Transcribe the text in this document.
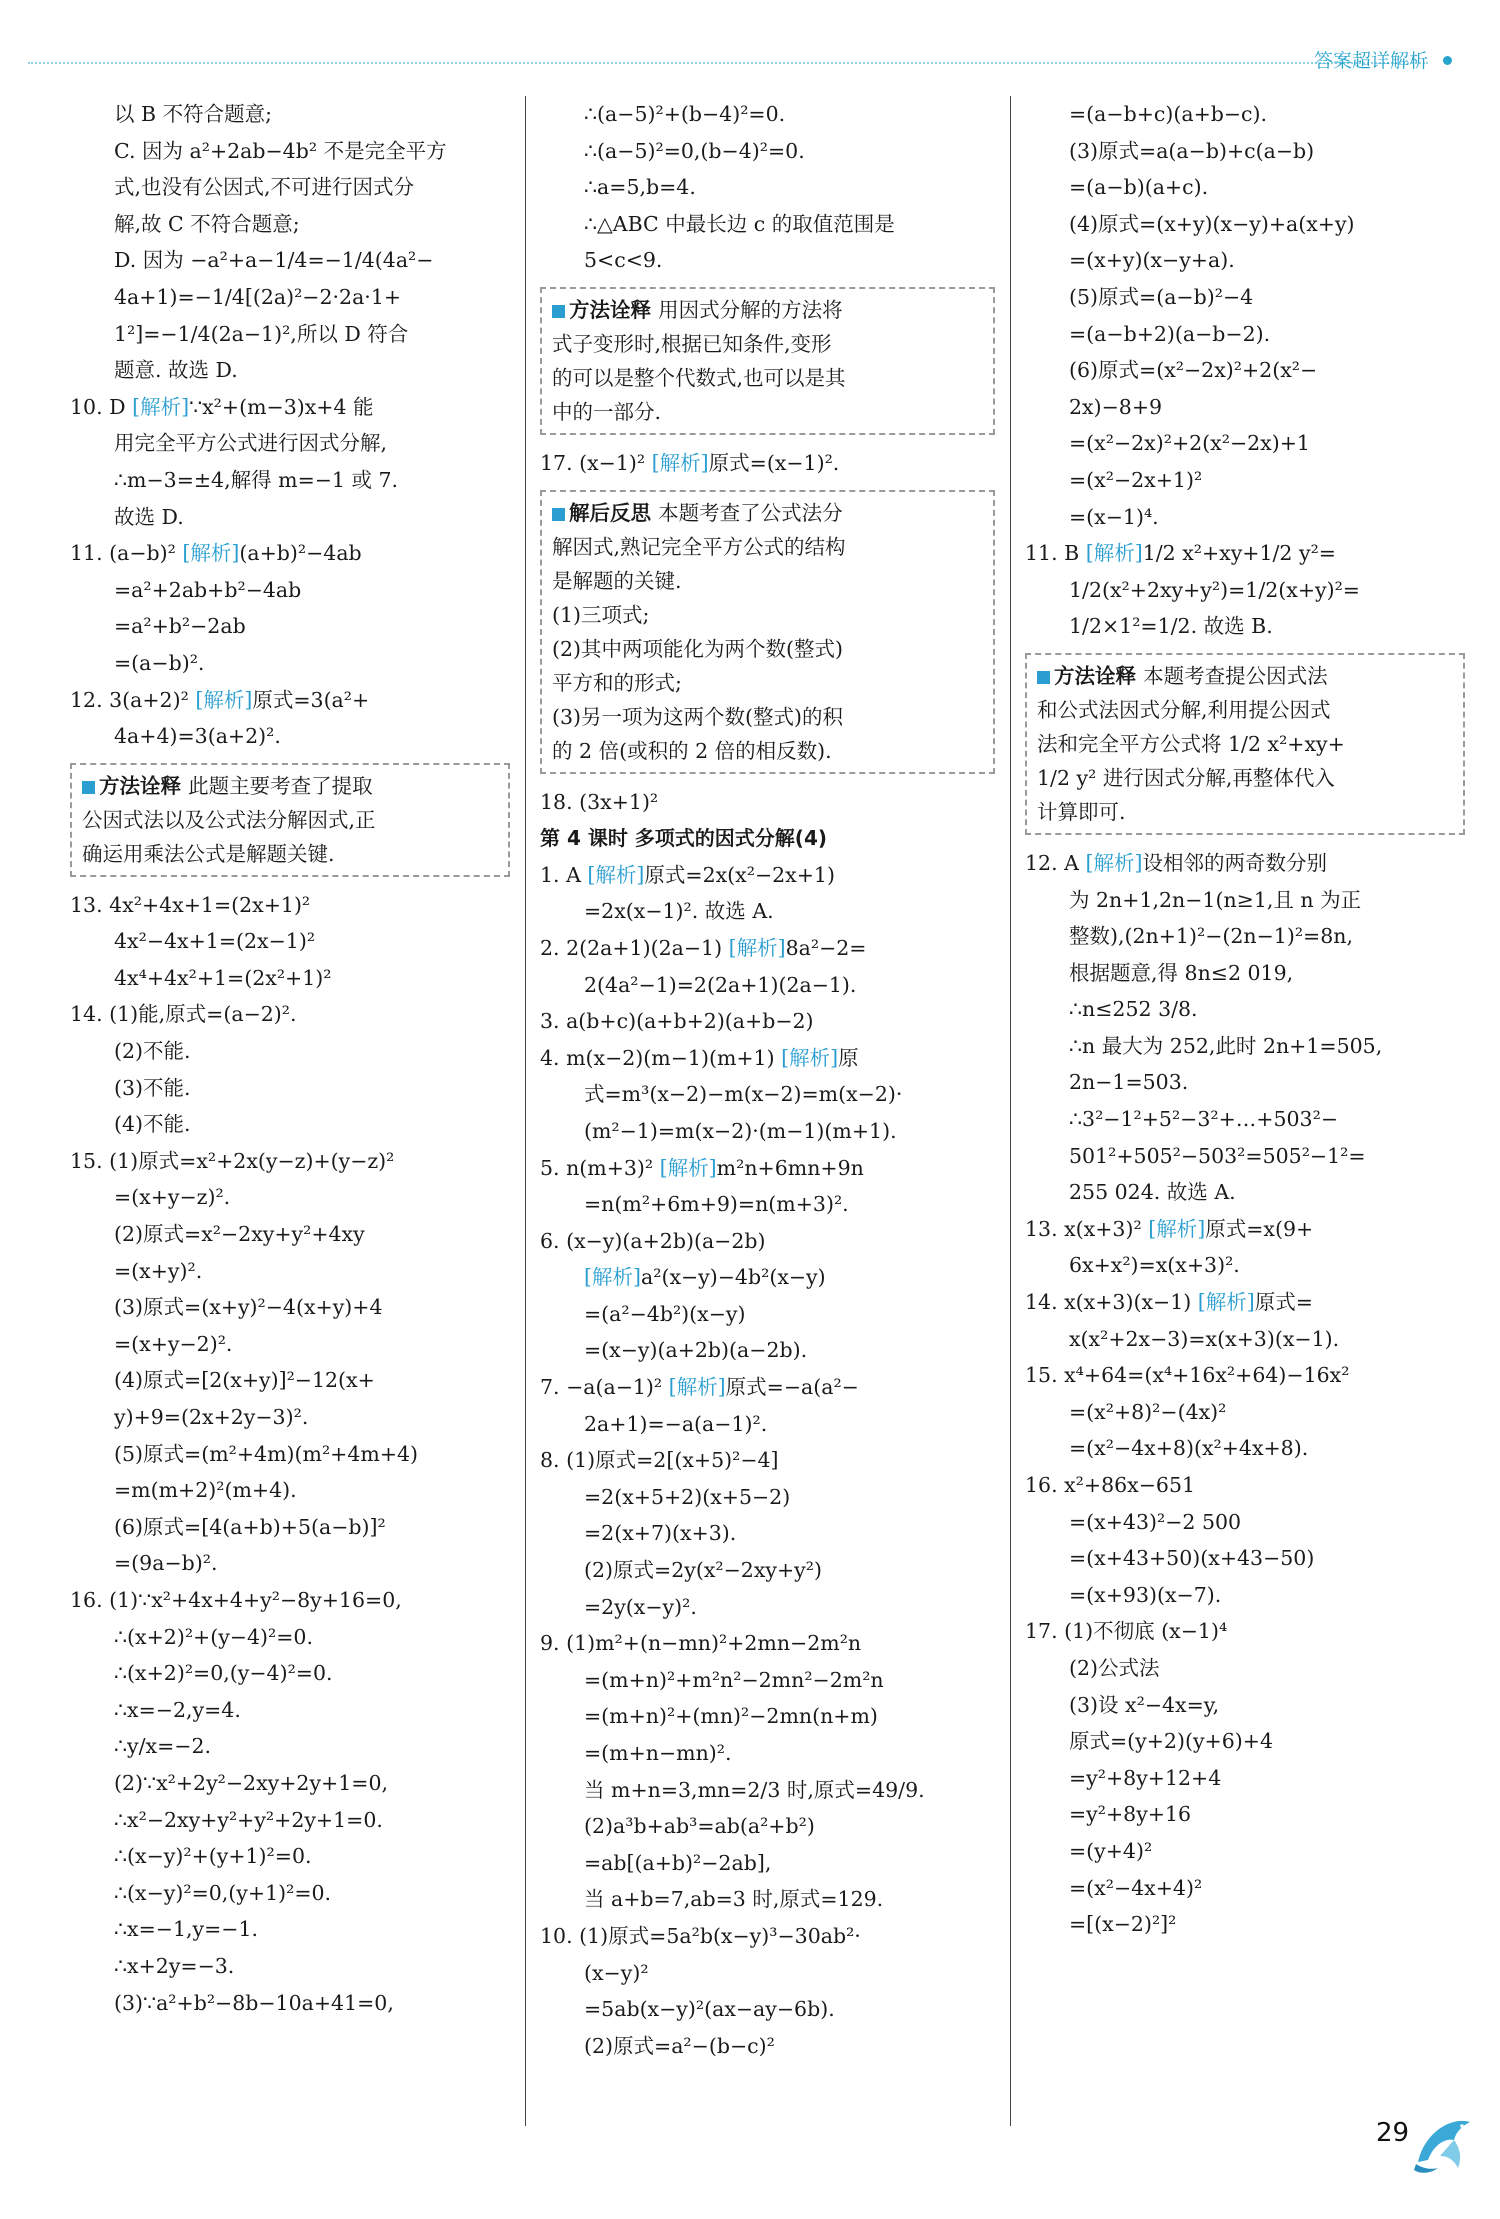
答案超详解析
以 B 不符合题意;
C. 因为 a²+2ab−4b² 不是完全平方
式,也没有公因式,不可进行因式分
解,故 C 不符合题意;
D. 因为 −a²+a−1/4=−1/4(4a²−
4a+1)=−1/4[(2a)²−2·2a·1+
1²]=−1/4(2a−1)²,所以 D 符合
题意. 故选 D.
10. D [解析]∵x²+(m−3)x+4 能
用完全平方公式进行因式分解,
∴m−3=±4,解得 m=−1 或 7.
故选 D.
11. (a−b)² [解析](a+b)²−4ab
=a²+2ab+b²−4ab
=a²+b²−2ab
=(a−b)².
12. 3(a+2)² [解析]原式=3(a²+
4a+4)=3(a+2)².
方法诠释 此题主要考查了提取
公因式法以及公式法分解因式,正
确运用乘法公式是解题关键.
13. 4x²+4x+1=(2x+1)²
4x²−4x+1=(2x−1)²
4x⁴+4x²+1=(2x²+1)²
14. (1)能,原式=(a−2)².
(2)不能.
(3)不能.
(4)不能.
15. (1)原式=x²+2x(y−z)+(y−z)²
=(x+y−z)².
(2)原式=x²−2xy+y²+4xy
=(x+y)².
(3)原式=(x+y)²−4(x+y)+4
=(x+y−2)².
(4)原式=[2(x+y)]²−12(x+
y)+9=(2x+2y−3)².
(5)原式=(m²+4m)(m²+4m+4)
=m(m+2)²(m+4).
(6)原式=[4(a+b)+5(a−b)]²
=(9a−b)².
16. (1)∵x²+4x+4+y²−8y+16=0,
∴(x+2)²+(y−4)²=0.
∴(x+2)²=0,(y−4)²=0.
∴x=−2,y=4.
∴y/x=−2.
(2)∵x²+2y²−2xy+2y+1=0,
∴x²−2xy+y²+y²+2y+1=0.
∴(x−y)²+(y+1)²=0.
∴(x−y)²=0,(y+1)²=0.
∴x=−1,y=−1.
∴x+2y=−3.
(3)∵a²+b²−8b−10a+41=0,
∴(a−5)²+(b−4)²=0.
∴(a−5)²=0,(b−4)²=0.
∴a=5,b=4.
∴△ABC 中最长边 c 的取值范围是
5<c<9.
方法诠释 用因式分解的方法将
式子变形时,根据已知条件,变形
的可以是整个代数式,也可以是其
中的一部分.
17. (x−1)² [解析]原式=(x−1)².
解后反思 本题考查了公式法分
解因式,熟记完全平方公式的结构
是解题的关键.
(1)三项式;
(2)其中两项能化为两个数(整式)
平方和的形式;
(3)另一项为这两个数(整式)的积
的 2 倍(或积的 2 倍的相反数).
18. (3x+1)²
第 4 课时 多项式的因式分解(4)
1. A [解析]原式=2x(x²−2x+1)
=2x(x−1)². 故选 A.
2. 2(2a+1)(2a−1) [解析]8a²−2=
2(4a²−1)=2(2a+1)(2a−1).
3. a(b+c)(a+b+2)(a+b−2)
4. m(x−2)(m−1)(m+1) [解析]原
式=m³(x−2)−m(x−2)=m(x−2)·
(m²−1)=m(x−2)·(m−1)(m+1).
5. n(m+3)² [解析]m²n+6mn+9n
=n(m²+6m+9)=n(m+3)².
6. (x−y)(a+2b)(a−2b)
[解析]a²(x−y)−4b²(x−y)
=(a²−4b²)(x−y)
=(x−y)(a+2b)(a−2b).
7. −a(a−1)² [解析]原式=−a(a²−
2a+1)=−a(a−1)².
8. (1)原式=2[(x+5)²−4]
=2(x+5+2)(x+5−2)
=2(x+7)(x+3).
(2)原式=2y(x²−2xy+y²)
=2y(x−y)².
9. (1)m²+(n−mn)²+2mn−2m²n
=(m+n)²+m²n²−2mn²−2m²n
=(m+n)²+(mn)²−2mn(n+m)
=(m+n−mn)².
当 m+n=3,mn=2/3 时,原式=49/9.
(2)a³b+ab³=ab(a²+b²)
=ab[(a+b)²−2ab],
当 a+b=7,ab=3 时,原式=129.
10. (1)原式=5a²b(x−y)³−30ab²·
(x−y)²
=5ab(x−y)²(ax−ay−6b).
(2)原式=a²−(b−c)²
=(a−b+c)(a+b−c).
(3)原式=a(a−b)+c(a−b)
=(a−b)(a+c).
(4)原式=(x+y)(x−y)+a(x+y)
=(x+y)(x−y+a).
(5)原式=(a−b)²−4
=(a−b+2)(a−b−2).
(6)原式=(x²−2x)²+2(x²−
2x)−8+9
=(x²−2x)²+2(x²−2x)+1
=(x²−2x+1)²
=(x−1)⁴.
11. B [解析]1/2 x²+xy+1/2 y²=
1/2(x²+2xy+y²)=1/2(x+y)²=
1/2×1²=1/2. 故选 B.
方法诠释 本题考查提公因式法
和公式法因式分解,利用提公因式
法和完全平方公式将 1/2 x²+xy+
1/2 y² 进行因式分解,再整体代入
计算即可.
12. A [解析]设相邻的两奇数分别
为 2n+1,2n−1(n≥1,且 n 为正
整数),(2n+1)²−(2n−1)²=8n,
根据题意,得 8n≤2 019,
∴n≤252 3/8.
∴n 最大为 252,此时 2n+1=505,
2n−1=503.
∴3²−1²+5²−3²+…+503²−
501²+505²−503²=505²−1²=
255 024. 故选 A.
13. x(x+3)² [解析]原式=x(9+
6x+x²)=x(x+3)².
14. x(x+3)(x−1) [解析]原式=
x(x²+2x−3)=x(x+3)(x−1).
15. x⁴+64=(x⁴+16x²+64)−16x²
=(x²+8)²−(4x)²
=(x²−4x+8)(x²+4x+8).
16. x²+86x−651
=(x+43)²−2 500
=(x+43+50)(x+43−50)
=(x+93)(x−7).
17. (1)不彻底 (x−1)⁴
(2)公式法
(3)设 x²−4x=y,
原式=(y+2)(y+6)+4
=y²+8y+12+4
=y²+8y+16
=(y+4)²
=(x²−4x+4)²
=[(x−2)²]²
29
